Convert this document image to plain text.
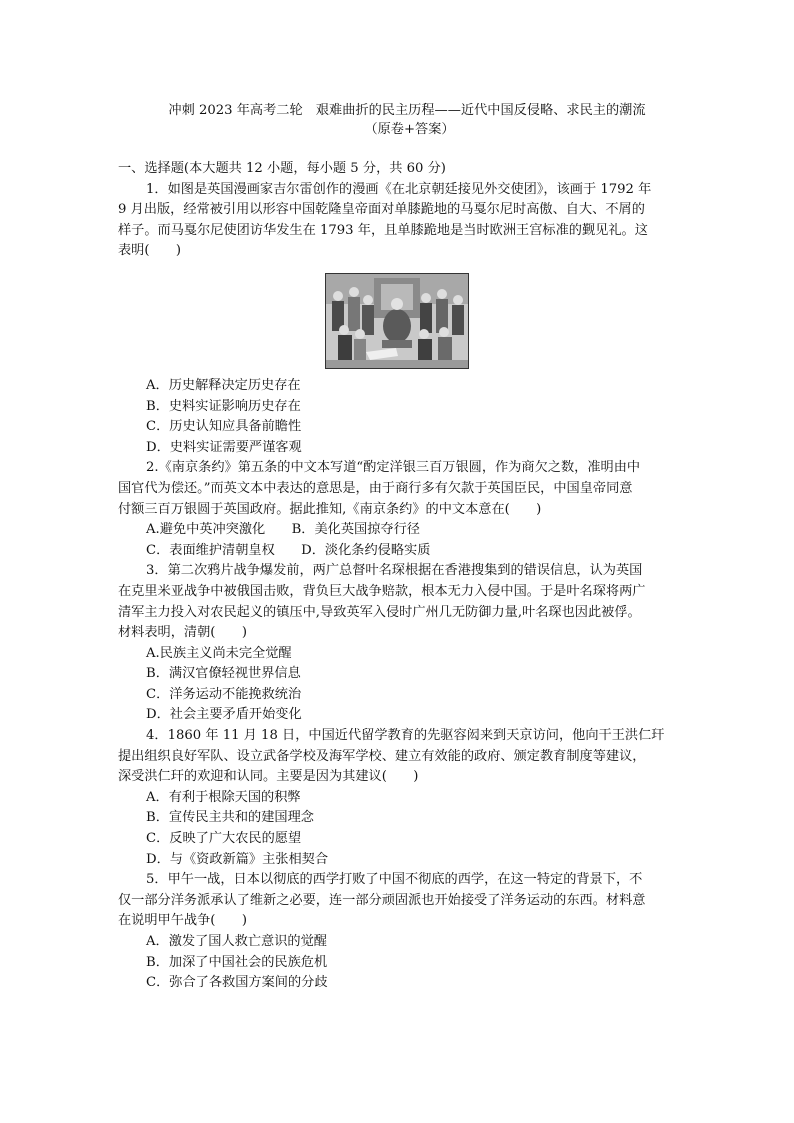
冲刺 2023 年高考二轮　艰难曲折的民主历程——近代中国反侵略、求民主的潮流
（原卷+答案）
一、选择题(本大题共 12 小题，每小题 5 分，共 60 分)
1．如图是英国漫画家吉尔雷创作的漫画《在北京朝廷接见外交使团》，该画于 1792 年
9 月出版，经常被引用以形容中国乾隆皇帝面对单膝跪地的马戛尔尼时高傲、自大、不屑的
样子。而马戛尔尼使团访华发生在 1793 年，且单膝跪地是当时欧洲王宫标准的觐见礼。这
表明(　　)
A．历史解释决定历史存在
B．史料实证影响历史存在
C．历史认知应具备前瞻性
D．史料实证需要严谨客观
2.《南京条约》第五条的中文本写道“酌定洋银三百万银圆，作为商欠之数，准明由中
国官代为偿还。”而英文本中表达的意思是，由于商行多有欠款于英国臣民，中国皇帝同意
付额三百万银圆于英国政府。据此推知,《南京条约》的中文本意在(　　)
A.避免中英冲突激化　　B．美化英国掠夺行径
C．表面维护清朝皇权　　D．淡化条约侵略实质
3．第二次鸦片战争爆发前，两广总督叶名琛根据在香港搜集到的错误信息，认为英国
在克里米亚战争中被俄国击败，背负巨大战争赔款，根本无力入侵中国。于是叶名琛将两广
清军主力投入对农民起义的镇压中,导致英军入侵时广州几无防御力量,叶名琛也因此被俘。
材料表明，清朝(　　)
A.民族主义尚未完全觉醒
B．满汉官僚轻视世界信息
C．洋务运动不能挽救统治
D．社会主要矛盾开始变化
4．1860 年 11 月 18 日，中国近代留学教育的先驱容闳来到天京访问，他向干王洪仁玕
提出组织良好军队、设立武备学校及海军学校、建立有效能的政府、颁定教育制度等建议，
深受洪仁玕的欢迎和认同。主要是因为其建议(　　)
A．有利于根除天国的积弊
B．宣传民主共和的建国理念
C．反映了广大农民的愿望
D．与《资政新篇》主张相契合
5．甲午一战，日本以彻底的西学打败了中国不彻底的西学，在这一特定的背景下，不
仅一部分洋务派承认了维新之必要，连一部分顽固派也开始接受了洋务运动的东西。材料意
在说明甲午战争(　　)
A．激发了国人救亡意识的觉醒
B．加深了中国社会的民族危机
C．弥合了各救国方案间的分歧
